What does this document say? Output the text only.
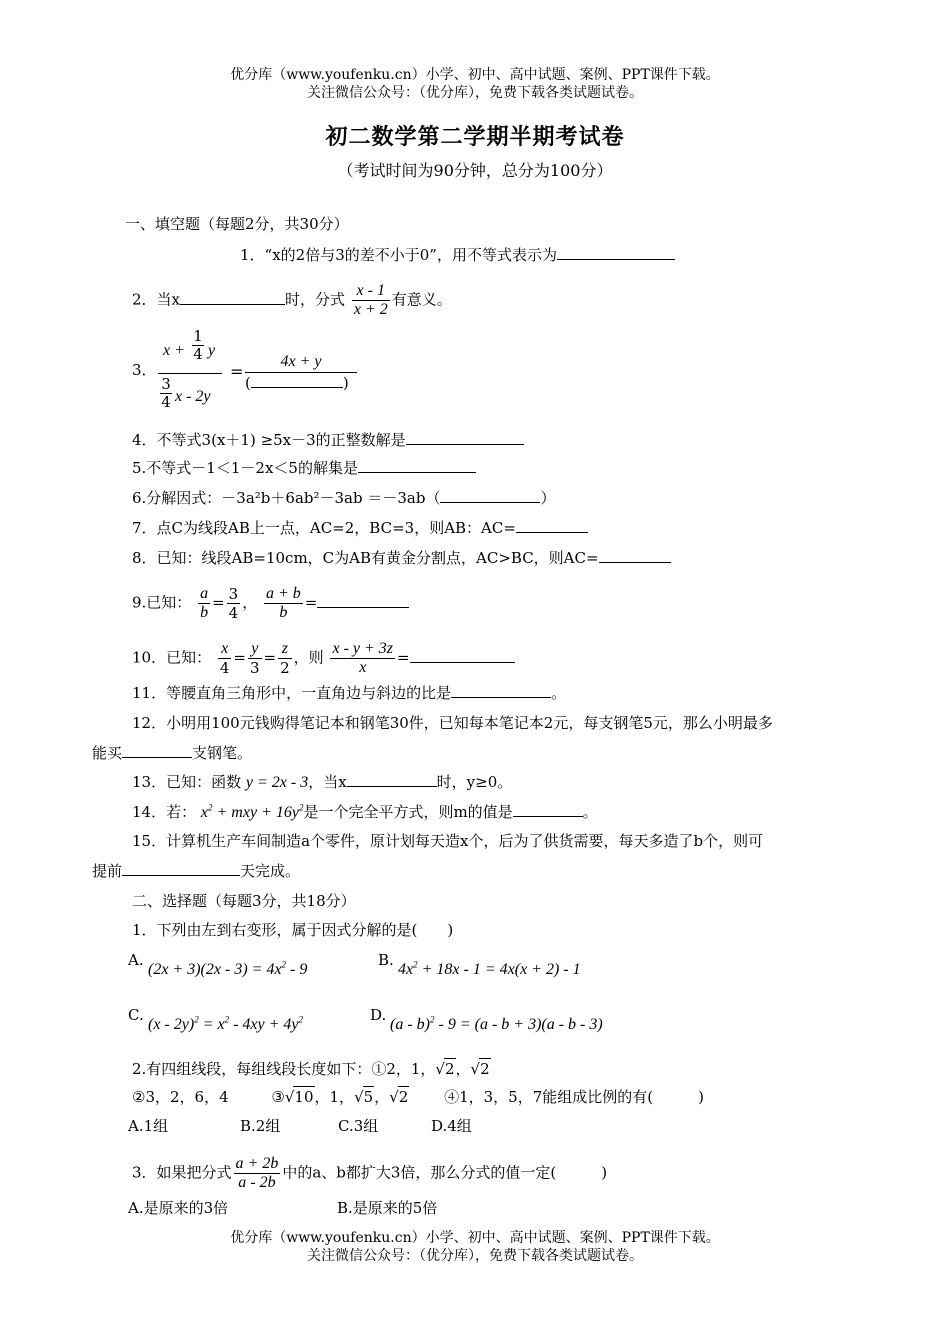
优分库（www.youfenku.cn）小学、初中、高中试题、案例、PPT课件下载。
关注微信公众号：（优分库），免费下载各类试题试卷。
初二数学第二学期半期考试卷
（考试时间为90分钟，总分为100分）
一、填空题（每题2分，共30分）
1．“x的2倍与3的差不小于0”，用不等式表示为
2．当x	时，分式 $\frac{x - 1}{x + 2}$ 有意义。
3．
x +
1
4 y
3
4 x - 2y
=
4x + y
(	)
4．不等式3(x＋1) ≥5x－3的正整数解是
5.不等式－1＜1－2x＜5的解集是
6.分解因式：－3a²b＋6ab²－3ab ＝－3ab（	）
7．点C为线段AB上一点，AC=2，BC=3，则AB：AC=
8．已知：线段AB=10cm，C为AB有黄金分割点，AC>BC，则AC=
9.已知： $\frac{a}{b} = \frac{3}{4}$ ， $\frac{a + b}{b}$ =
10．已知： $\frac{x}{4} = \frac{y}{3} = \frac{z}{2}$ ，则 $\frac{x - y + 3z}{x}$ =
11．等腰直角三角形中，一直角边与斜边的比是	。
12．小明用100元钱购得笔记本和钢笔30件，已知每本笔记本2元，每支钢笔5元，那么小明最多
能买	支钢笔。
13．已知：函数 y = 2x - 3，当x	时，y≥0。
14．若： $x^2$ + mxy + $16y^2$是一个完全平方式，则m的值是	。
15．计算机生产车间制造a个零件，原计划每天造x个，后为了供货需要，每天多造了b个，则可
提前	天完成。
二、选择题（每题3分，共18分）
1．下列由左到右变形，属于因式分解的是(　　)
A.
$(2x + 3)(2x - 3) = 4x^2 - 9$
B.
$4x^2 + 18x - 1 = 4x(x + 2) - 1$
C.
$(x - 2y)^2 = x^2 - 4xy + 4y^2$	D.
(a - b)$^2$ - 9 = (a - b + 3)(a - b - 3)
2.有四组线段，每组线段长度如下：①2，1，√2，√2
②3，2，6，4	③√10，1，√5，√2 ④1，3，5，7能组成比例的有(　　　)
A.1组	B.2组	C.3组	D.4组
3．如果把分式 $\frac{a + 2b}{a - 2b}$ 中的a、b都扩大3倍，那么分式的值一定(　　　)
A.是原来的3倍	B.是原来的5倍
优分库（www.youfenku.cn）小学、初中、高中试题、案例、PPT课件下载。
关注微信公众号：（优分库），免费下载各类试题试卷。
